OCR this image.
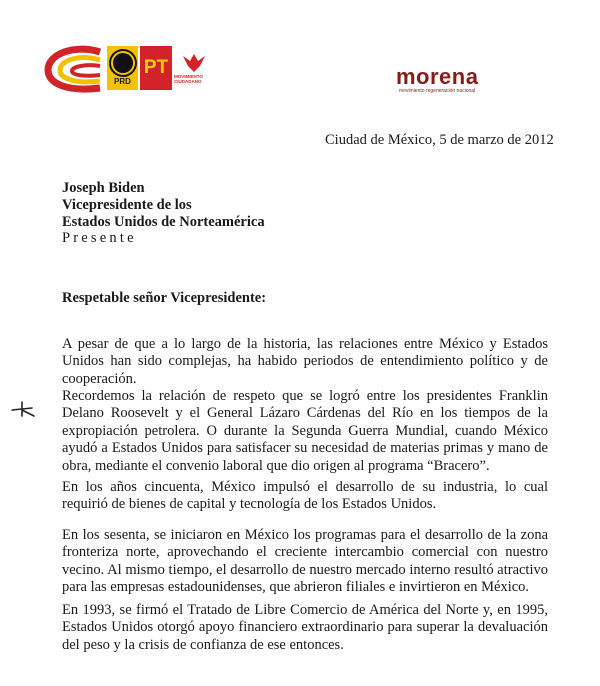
PRD
PT MOVIMIENTO CIUDADANO	morena
movimiento regeneración nacional
Ciudad de México, 5 de marzo de 2012
Joseph Biden
Vicepresidente de los
Estados Unidos de Norteamérica
Presente
Respetable señor Vicepresidente:
A pesar de que a lo largo de la historia, las relaciones entre México y Estados Unidos han sido complejas, ha habido periodos de entendimiento político y de cooperación.
Recordemos la relación de respeto que se logró entre los presidentes Franklin Delano Roosevelt y el General Lázaro Cárdenas del Río en los tiempos de la expropiación petrolera. O durante la Segunda Guerra Mundial, cuando México ayudó a Estados Unidos para satisfacer su necesidad de materias primas y mano de obra, mediante el convenio laboral que dio origen al programa “Bracero”.
En los años cincuenta, México impulsó el desarrollo de su industria, lo cual requirió de bienes de capital y tecnología de los Estados Unidos.
En los sesenta, se iniciaron en México los programas para el desarrollo de la zona fronteriza norte, aprovechando el creciente intercambio comercial con nuestro vecino. Al mismo tiempo, el desarrollo de nuestro mercado interno resultó atractivo para las empresas estadounidenses, que abrieron filiales e invirtieron en México.
En 1993, se firmó el Tratado de Libre Comercio de América del Norte y, en 1995, Estados Unidos otorgó apoyo financiero extraordinario para superar la devaluación del peso y la crisis de confianza de ese entonces.
